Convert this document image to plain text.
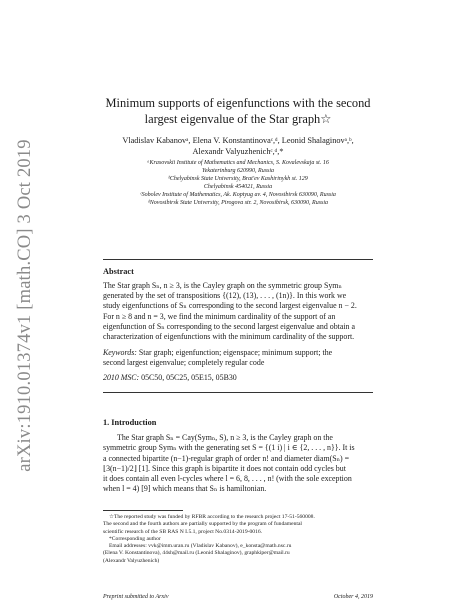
arXiv:1910.01374v1 [math.CO] 3 Oct 2019
Minimum supports of eigenfunctions with the second
largest eigenvalue of the Star graph☆
Vladislav Kabanovᵃ, Elena V. Konstantinovaᶜ,ᵈ, Leonid Shalaginovᵃ,ᵇ,
Alexandr Valyuzhenichᶜ,ᵈ,*
ᵃKrasovskii Institute of Mathematics and Mechanics, S. Kovalevskaja st. 16
Yekaterinburg 620990, Russia
ᵇChelyabinsk State University, Brat'ev Kashirinykh st. 129
Chelyabinsk 454021, Russia
ᶜSobolev Institute of Mathematics, Ak. Koptyug av. 4, Novosibirsk 630090, Russia
ᵈNovosibirsk State University, Pirogova str. 2, Novosibirsk, 630090, Russia
Abstract
The Star graph Sₙ, n ≥ 3, is the Cayley graph on the symmetric group Symₙ
generated by the set of transpositions {(12), (13), . . . , (1n)}. In this work we
study eigenfunctions of Sₙ corresponding to the second largest eigenvalue n − 2.
For n ≥ 8 and n = 3, we find the minimum cardinality of the support of an
eigenfunction of Sₙ corresponding to the second largest eigenvalue and obtain a
characterization of eigenfunctions with the minimum cardinality of the support.
Keywords: Star graph; eigenfunction; eigenspace; minimum support; the
second largest eigenvalue; completely regular code
2010 MSC: 05C50, 05C25, 05E15, 05B30
1. Introduction
The Star graph Sₙ = Cay(Symₙ, S), n ≥ 3, is the Cayley graph on the
symmetric group Symₙ with the generating set S = {(1 i) | i ∈ {2, . . . , n}}. It is
a connected bipartite (n−1)-regular graph of order n! and diameter diam(Sₙ) =
⌊3(n−1)/2⌋ [1]. Since this graph is bipartite it does not contain odd cycles but
it does contain all even l-cycles where l = 6, 8, . . . , n! (with the sole exception
when l = 4) [9] which means that Sₙ is hamiltonian.
☆The reported study was funded by RFBR according to the research project 17-51-560008.
The second and the fourth authors are partially supported by the program of fundamental
scientific research of the SB RAS N I.5.1, project No.0314-2019-0016.
*Corresponding author
Email addresses: vvk@imm.uran.ru (Vladislav Kabanov), e_konsta@math.nsc.ru
(Elena V. Konstantinova), 44sh@mail.ru (Leonid Shalaginov), graphkiper@mail.ru
(Alexandr Valyuzhenich)
Preprint submitted to Arxiv	October 4, 2019
